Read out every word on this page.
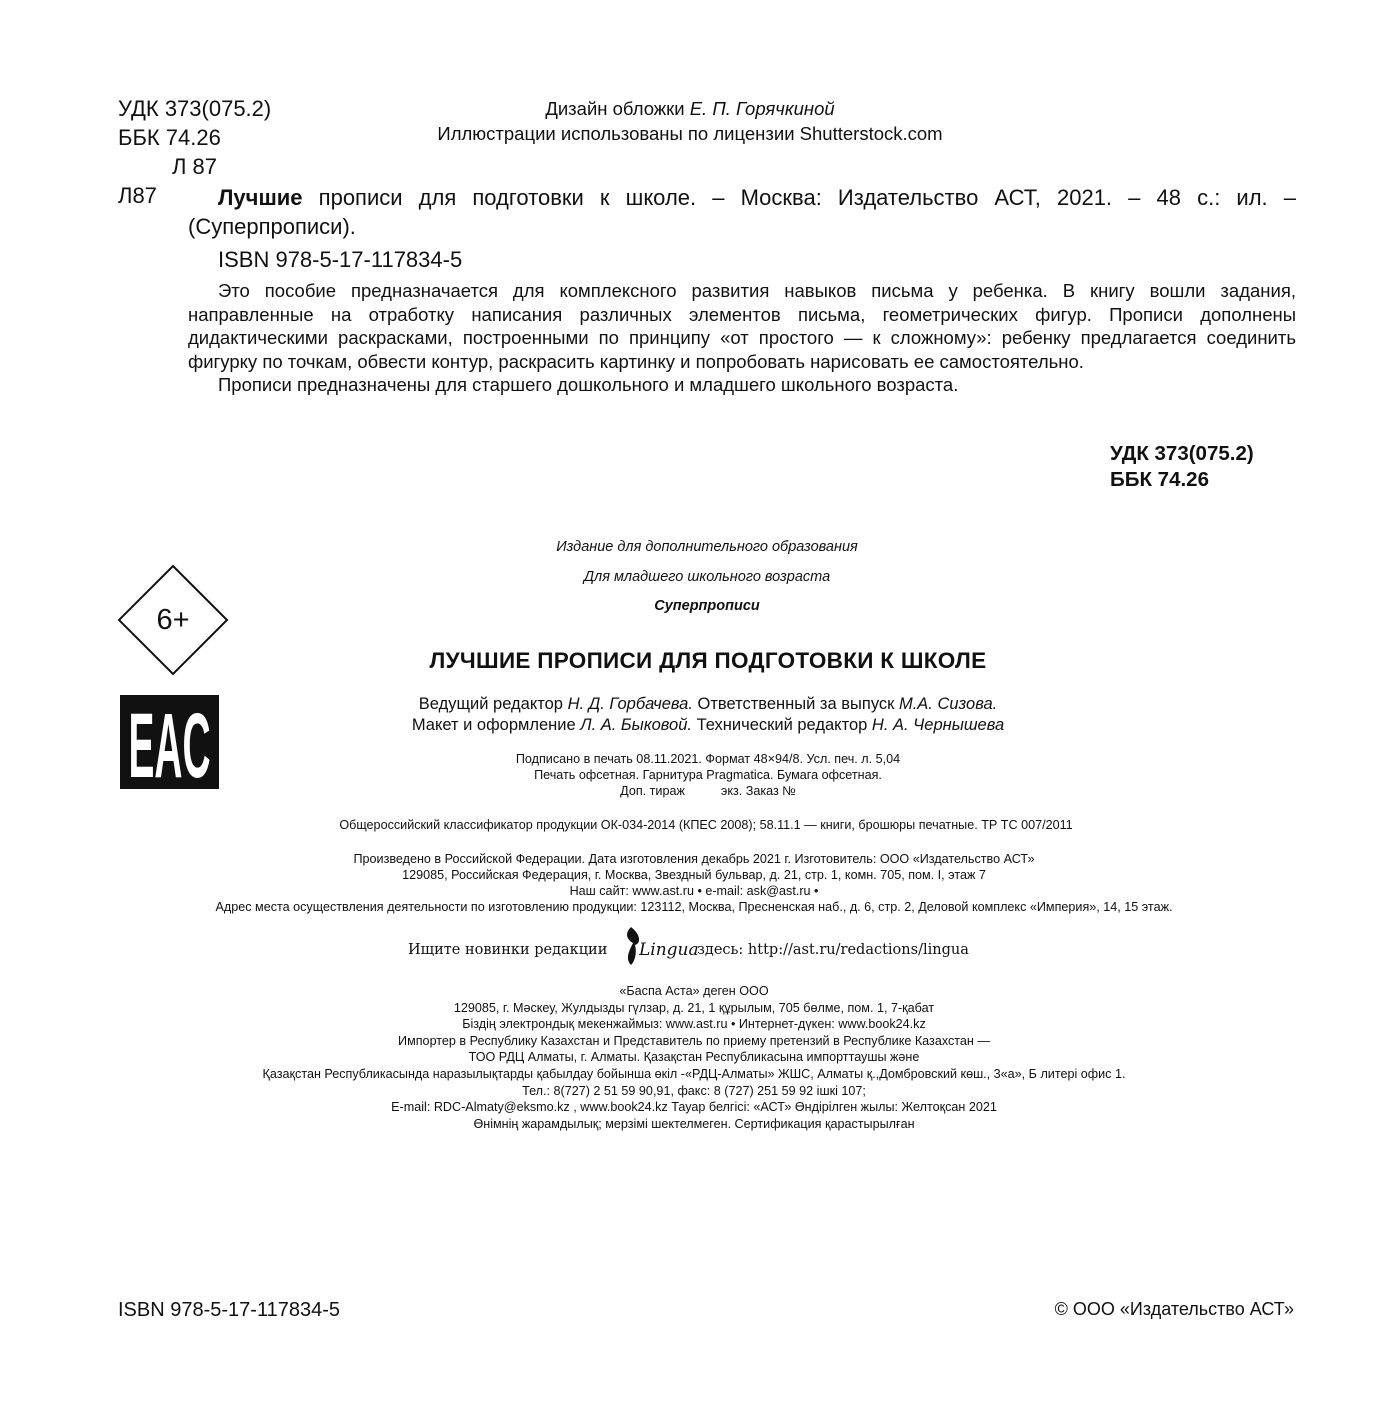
УДК 373(075.2)
ББК 74.26
Л 87
Дизайн обложки Е. П. Горячкиной
Иллюстрации использованы по лицензии Shutterstock.com
Л87	Лучшие прописи для подготовки к школе. – Москва: Издательство АСТ, 2021. – 48 с.: ил. – (Суперпрописи).

ISBN 978-5-17-117834-5

Это пособие предназначается для комплексного развития навыков письма у ребенка. В книгу вошли задания, направленные на отработку написания различных элементов письма, геометрических фигур. Прописи дополнены дидактическими раскрасками, построенными по принципу «от простого — к сложному»: ребенку предлагается соединить фигурку по точкам, обвести контур, раскрасить картинку и попробовать нарисовать ее самостоятельно.

Прописи предназначены для старшего дошкольного и младшего школьного возраста.

УДК 373(075.2)
ББК 74.26
Издание для дополнительного образования
Для младшего школьного возраста
Суперпрописи
6+
EAC
ЛУЧШИЕ ПРОПИСИ ДЛЯ ПОДГОТОВКИ К ШКОЛЕ
Ведущий редактор Н. Д. Горбачева. Ответственный за выпуск М.А. Сизова.
Макет и оформление Л. А. Быковой. Технический редактор Н. А. Чернышева
Подписано в печать 08.11.2021. Формат 48×94/8. Усл. печ. л. 5,04
Печать офсетная. Гарнитура Pragmatica. Бумага офсетная.
Доп. тираж	экз. Заказ №
Общероссийский классификатор продукции ОК-034-2014 (КПЕС 2008); 58.11.1 — книги, брошюры печатные. ТР ТС 007/2011
Произведено в Российской Федерации. Дата изготовления декабрь 2021 г. Изготовитель: ООО «Издательство АСТ»
129085, Российская Федерация, г. Москва, Звездный бульвар, д. 21, стр. 1, комн. 705, пом. I, этаж 7
Наш сайт: www.ast.ru • e-mail: ask@ast.ru •
Адрес места осуществления деятельности по изготовлению продукции: 123112, Москва, Пресненская наб., д. 6, стр. 2, Деловой комплекс «Империя», 14, 15 этаж.
Ищите новинки редакции Lingua
здесь: http://ast.ru/redactions/lingua
«Баспа Аста» деген ООО
129085, г. Мәскеу, Жулдызды гүлзар, д. 21, 1 құрылым, 705 бөлме, пом. 1, 7-қабат
Біздің электрондық мекенжаймыз: www.ast.ru • Интернет-дүкен: www.book24.kz
Импортер в Республику Казахстан и Представитель по приему претензий в Республике Казахстан —
ТОО РДЦ Алматы, г. Алматы. Қазақстан Республикасына импорттаушы және
Қазақстан Республикасында наразылықтарды қабылдау бойынша өкіл -«РДЦ-Алматы» ЖШС, Алматы қ.,Домбровский көш., 3«а», Б литерi офис 1.
Тел.: 8(727) 2 51 59 90,91, факс: 8 (727) 251 59 92 ішкі 107;
E-mail: RDC-Almaty@eksmo.kz , www.book24.kz Тауар белгісі: «АСТ» Өндірілген жылы: Желтоқсан 2021
Өнімнің жарамдылық; мерзімі шектелмеген. Сертификация қарастырылған
ISBN 978-5-17-117834-5	© ООО «Издательство АСТ»
